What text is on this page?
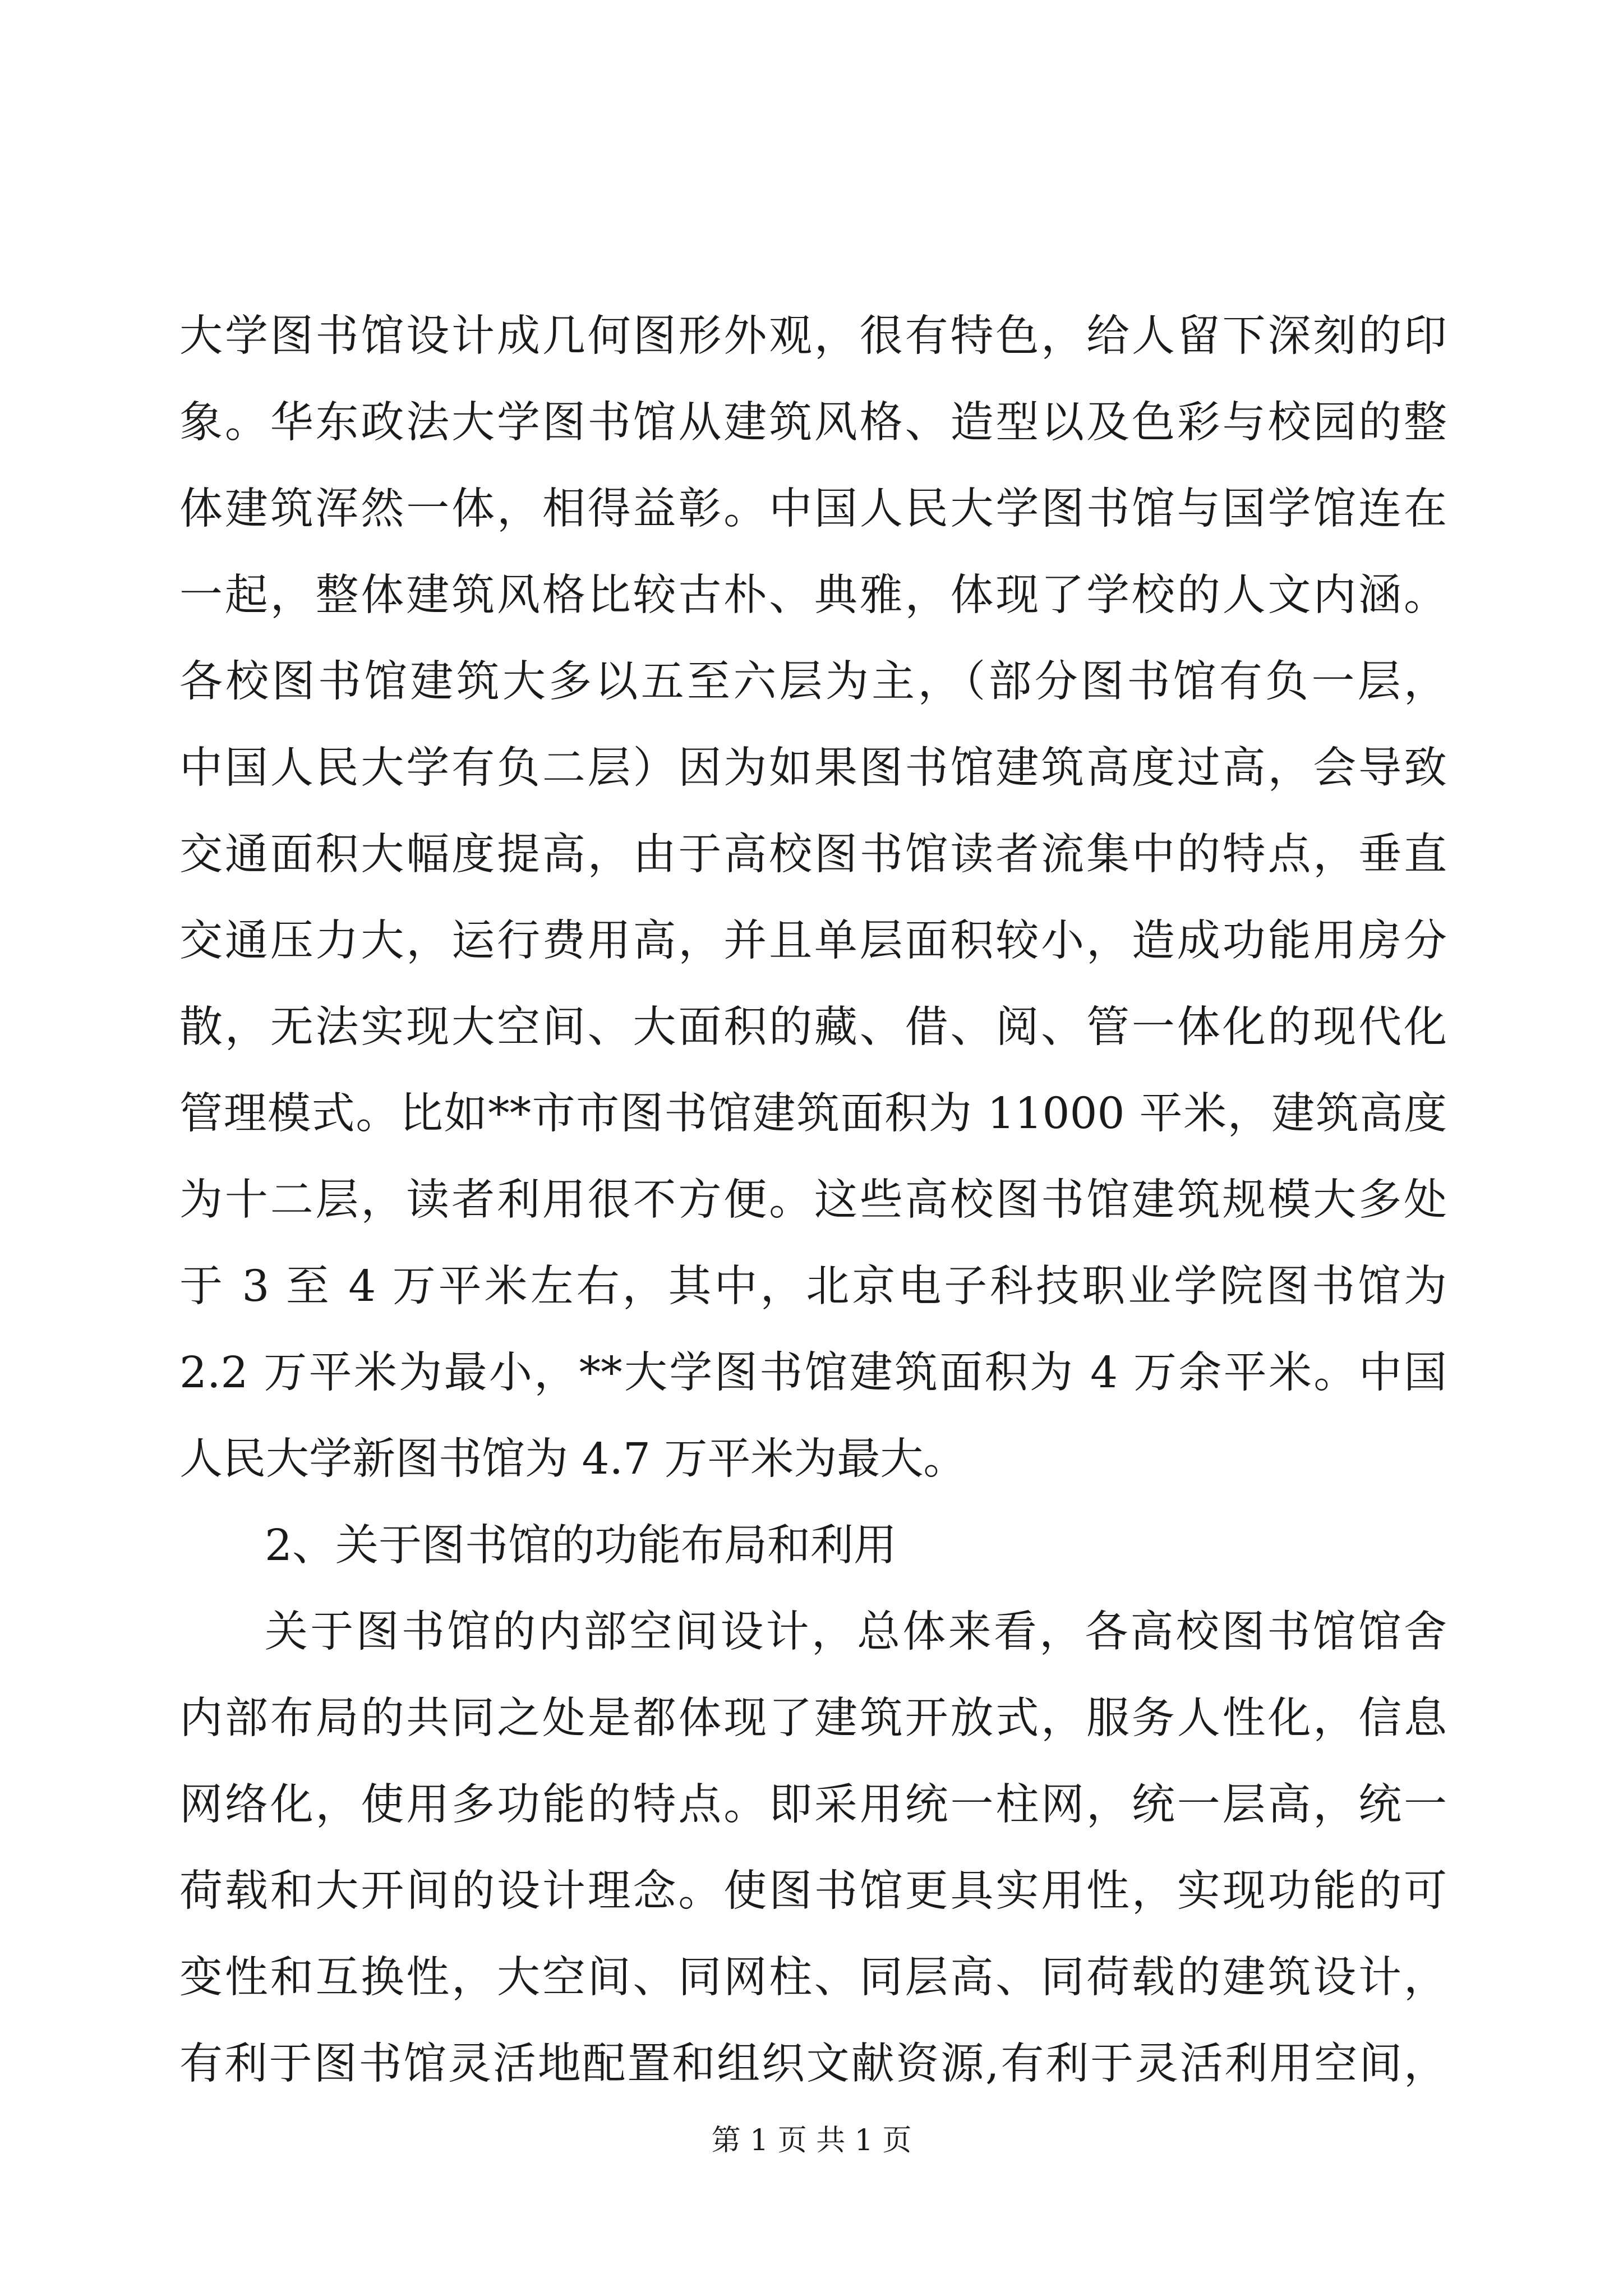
大学图书馆设计成几何图形外观，很有特色，给人留下深刻的印

象。华东政法大学图书馆从建筑风格、造型以及色彩与校园的整

体建筑浑然一体，相得益彰。中国人民大学图书馆与国学馆连在

一起，整体建筑风格比较古朴、典雅，体现了学校的人文内涵。

各校图书馆建筑大多以五至六层为主，（部分图书馆有负一层，

中国人民大学有负二层）因为如果图书馆建筑高度过高，会导致

交通面积大幅度提高，由于高校图书馆读者流集中的特点，垂直

交通压力大，运行费用高，并且单层面积较小，造成功能用房分

散，无法实现大空间、大面积的藏、借、阅、管一体化的现代化

管理模式。比如**市市图书馆建筑面积为 11000 平米，建筑高度

为十二层，读者利用很不方便。这些高校图书馆建筑规模大多处

于 3 至 4 万平米左右，其中，北京电子科技职业学院图书馆为

2.2 万平米为最小，**大学图书馆建筑面积为 4 万余平米。中国

人民大学新图书馆为 4.7 万平米为最大。

2、关于图书馆的功能布局和利用

关于图书馆的内部空间设计，总体来看，各高校图书馆馆舍

内部布局的共同之处是都体现了建筑开放式，服务人性化，信息

网络化，使用多功能的特点。即采用统一柱网，统一层高，统一

荷载和大开间的设计理念。使图书馆更具实用性，实现功能的可

变性和互换性，大空间、同网柱、同层高、同荷载的建筑设计，

有利于图书馆灵活地配置和组织文献资源,有利于灵活利用空间，

第 1 页 共 1 页
